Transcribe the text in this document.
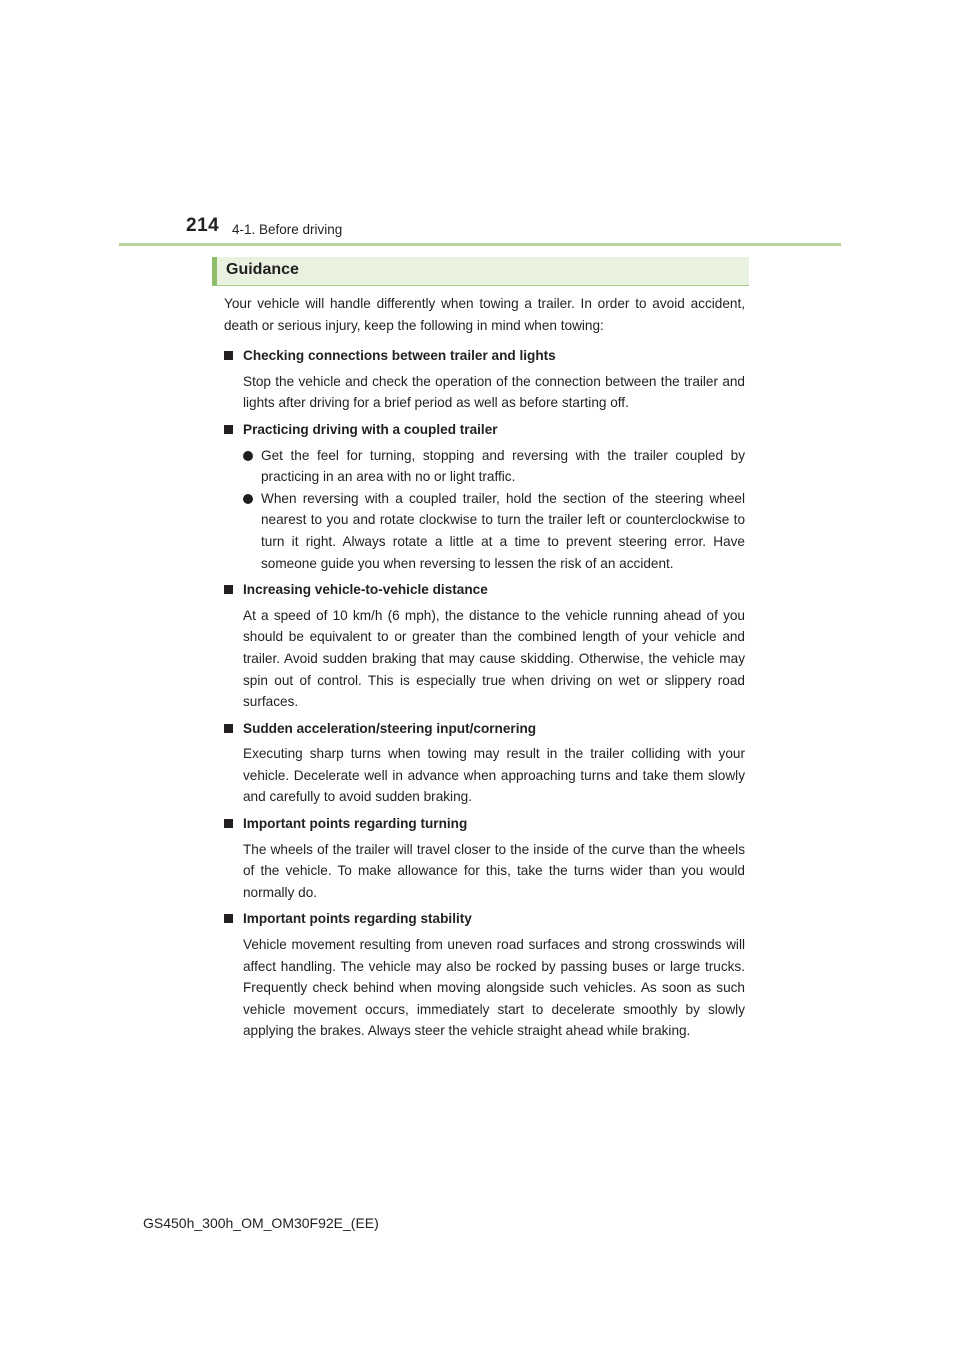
214 4-1. Before driving
Guidance

Your vehicle will handle differently when towing a trailer. In order to avoid accident, death or serious injury, keep the following in mind when towing:

Checking connections between trailer and lights

Stop the vehicle and check the operation of the connection between the trailer and lights after driving for a brief period as well as before starting off.

Practicing driving with a coupled trailer
Get the feel for turning, stopping and reversing with the trailer coupled by practicing in an area with no or light traffic.
When reversing with a coupled trailer, hold the section of the steering wheel nearest to you and rotate clockwise to turn the trailer left or counterclockwise to turn it right. Always rotate a little at a time to prevent steering error. Have someone guide you when reversing to lessen the risk of an accident.
Increasing vehicle-to-vehicle distance

At a speed of 10 km/h (6 mph), the distance to the vehicle running ahead of you should be equivalent to or greater than the combined length of your vehicle and trailer. Avoid sudden braking that may cause skidding. Otherwise, the vehicle may spin out of control. This is especially true when driving on wet or slippery road surfaces.

Sudden acceleration/steering input/cornering

Executing sharp turns when towing may result in the trailer colliding with your vehicle. Decelerate well in advance when approaching turns and take them slowly and carefully to avoid sudden braking.

Important points regarding turning

The wheels of the trailer will travel closer to the inside of the curve than the wheels of the vehicle. To make allowance for this, take the turns wider than you would normally do.

Important points regarding stability

Vehicle movement resulting from uneven road surfaces and strong crosswinds will affect handling. The vehicle may also be rocked by passing buses or large trucks. Frequently check behind when moving alongside such vehicles. As soon as such vehicle movement occurs, immediately start to decelerate smoothly by slowly applying the brakes. Always steer the vehicle straight ahead while braking.

GS450h_300h_OM_OM30F92E_(EE)
